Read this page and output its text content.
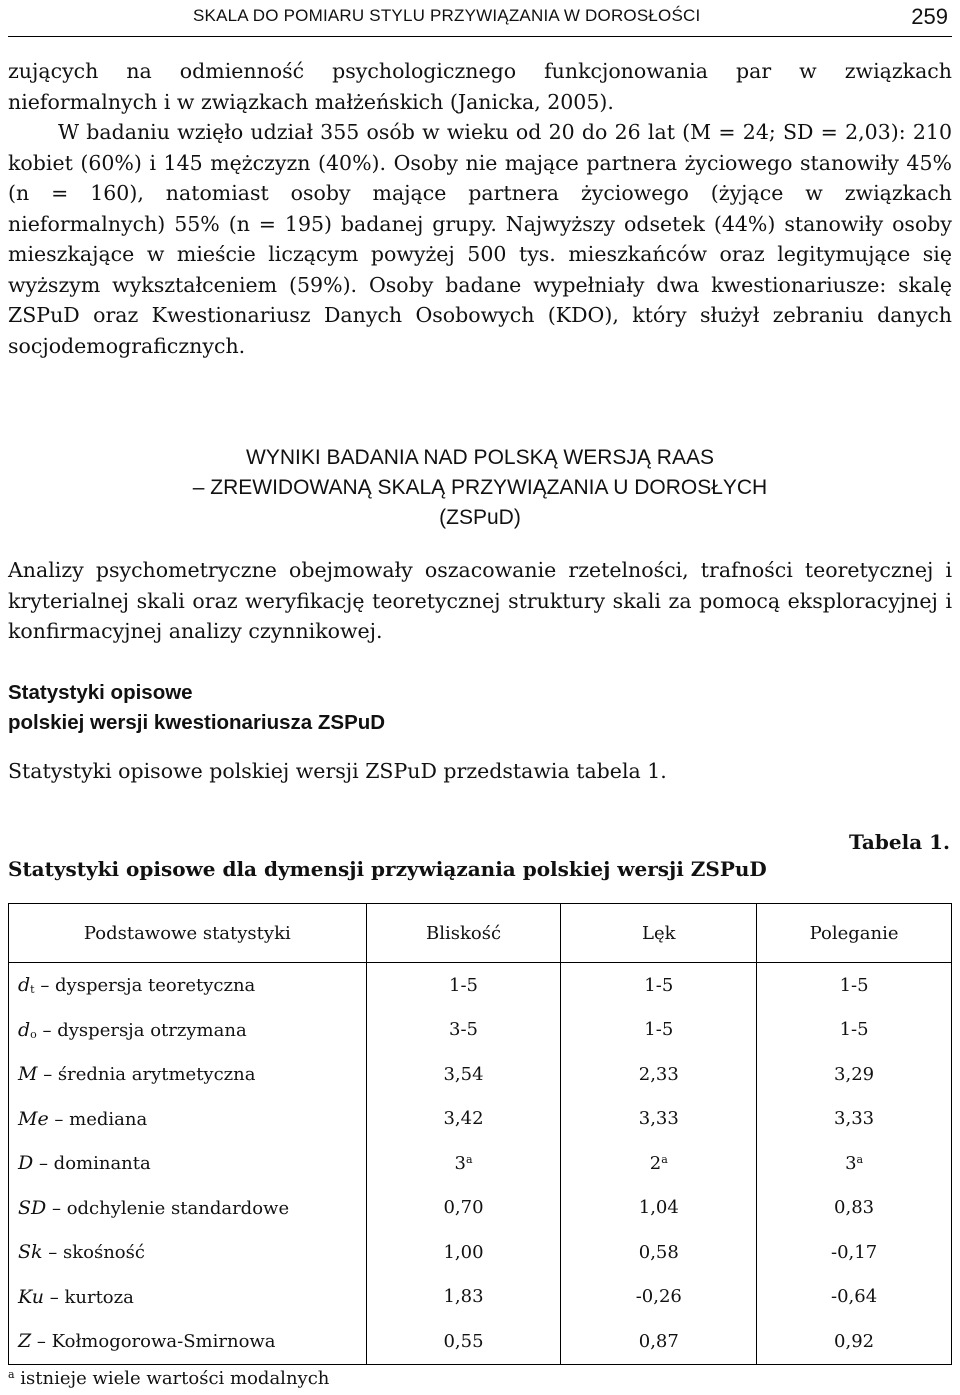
SKALA DO POMIARU STYLU PRZYWIĄZANIA W DOROSŁOŚCI	259

zujących na odmienność psychologicznego funkcjonowania par w związkach nieformalnych i w związkach małżeńskich (Janicka, 2005).

W badaniu wzięło udział 355 osób w wieku od 20 do 26 lat (M = 24; SD = 2,03): 210 kobiet (60%) i 145 mężczyzn (40%). Osoby nie mające partnera życiowego stanowiły 45% (n = 160), natomiast osoby mające partnera życiowego (żyjące w związkach nieformalnych) 55% (n = 195) badanej grupy. Najwyższy odsetek (44%) stanowiły osoby mieszkające w mieście liczącym powyżej 500 tys. mieszkańców oraz legitymujące się wyższym wykształceniem (59%). Osoby badane wypełniały dwa kwestionariusze: skalę ZSPuD oraz Kwestionariusz Danych Osobowych (KDO), który służył zebraniu danych socjodemograficznych.

WYNIKI BADANIA NAD POLSKĄ WERSJĄ RAAS
– ZREWIDOWANĄ SKALĄ PRZYWIĄZANIA U DOROSŁYCH
(ZSPuD)

Analizy psychometryczne obejmowały oszacowanie rzetelności, trafności teoretycznej i kryterialnej skali oraz weryfikację teoretycznej struktury skali za pomocą eksploracyjnej i konfirmacyjnej analizy czynnikowej.

Statystyki opisowe
polskiej wersji kwestionariusza ZSPuD

Statystyki opisowe polskiej wersji ZSPuD przedstawia tabela 1.

Tabela 1.
Statystyki opisowe dla dymensji przywiązania polskiej wersji ZSPuD
Podstawowe statystyki	Bliskość	Lęk	Poleganie
dt – dyspersja teoretyczna	1-5	1-5	1-5
do – dyspersja otrzymana	3-5	1-5	1-5
M – średnia arytmetyczna	3,54	2,33	3,29
Me – mediana	3,42	3,33	3,33
D – dominanta	3$^a$	2$^a$	3$^a$
SD – odchylenie standardowe	0,70	1,04	0,83
Sk – skośność	1,00	0,58	-0,17
Ku – kurtoza	1,83	-0,26	-0,64
Z – Kołmogorowa-Smirnowa	0,55	0,87	0,92
$^a$ istnieje wiele wartości modalnych
